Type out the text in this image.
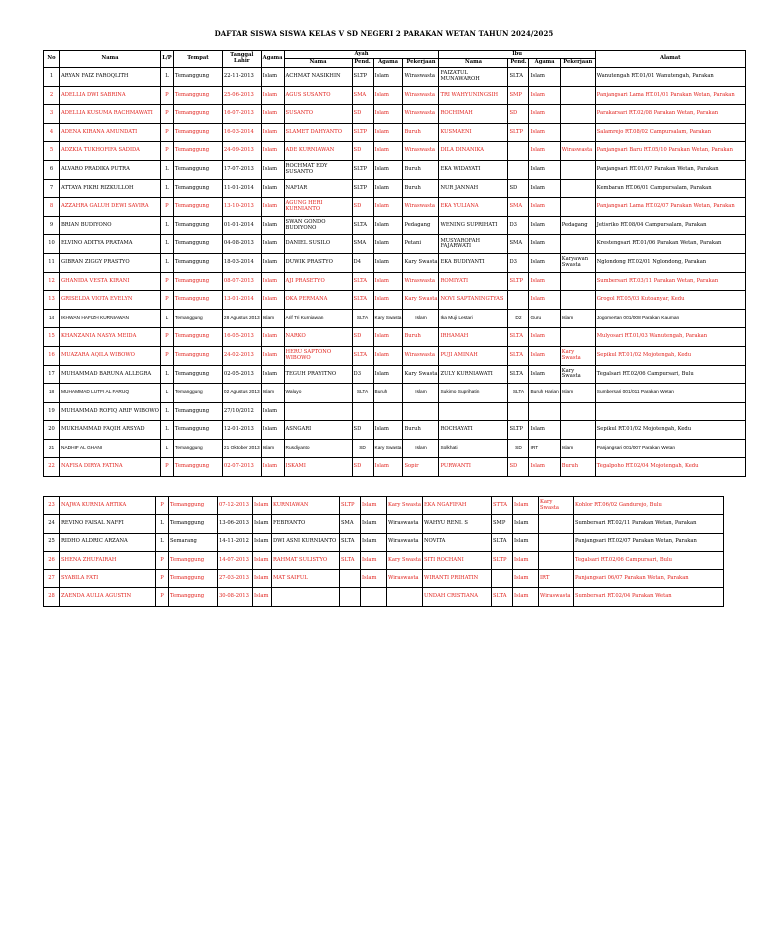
DAFTAR SISWA SISWA KELAS V SD NEGERI 2 PARAKAN WETAN TAHUN 2024/2025
No	Nama	L/P	Tempat	Tanggal Lahir	Agama	Ayah				Ibu				Alamat
						Nama	Pend.	Agama	Pekerjaan	Nama	Pend.	Agama	Pekerjaan	
1	ARYAN FAIZ FAROQLITH	L	Temanggung	22-11-2013	Islam	ACHMAT NASIKHIN	SLTP	Islam	Wiraswasta	FAIZATUL MUNAWAROH	SLTA	Islam		Wanutengah RT.01/01 Wanutengah, Parakan
2	ADELLIA DWI SABRINA	P	Temanggung	25-06-2013	Islam	AGUS SUSANTO	SMA	Islam	Wiraswasta	TRI WAHYUNINGSIH	SMP	Islam		Panjangsari Lama RT.01/01 Parakan Wetan, Parakan
3	ADELLIA KUSUMA RACHMAWATI	P	Temanggung	16-07-2013	Islam	SUSANTO	SD	Islam	Wiraswasta	ROCHIMAH	SD	Islam		Parakarsari RT.02/08 Parakan Wetan, Parakan
4	ADENA KIRANA AMUNDATI	P	Temanggung	16-03-2014	Islam	SLAMET DAHYANTO	SLTP	Islam	Buruh	KUSMAENI	SLTP	Islam		Salamrejo RT.08/02 Campursalam, Parakan
5	ADZKIA TUKHOFIFA SADIDA	P	Temanggung	24-09-2013	Islam	ADE KURNIAWAN	SD	Islam	Wiraswasta	DILA DINANIKA		Islam	Wiraswasta	Panjangsari Baru RT.05/10 Parakan Wetan, Parakan
6	ALVARO PRADIKA PUTRA	L	Temanggung	17-07-2013	Islam	ROCHMAT EDY SUSANTO	SLTP	Islam	Buruh	EKA WIDAYATI		Islam		Panjangsari RT.01/07 Parakan Wetan, Parakan
7	ATTAYA FIKRI RIZKULLOH	L	Temanggung	11-01-2014	Islam	NAFIAR	SLTP	Islam	Buruh	NUR JANNAH	SD	Islam		Kembaran RT.06/01 Campursalam, Parakan
8	AZZAHRA GALUH DEWI SAVIRA	P	Temanggung	13-10-2013	Islam	AGUNG HERI KURNIANTO	SD	Islam	Wiraswasta	EKA YULIANA	SMA	Islam		Panjangsari Lama RT.02/07 Parakan Wetan, Parakan
9	BRIAN BUDIYONO	L	Temanggung	01-01-2014	Islam	SWAN GONDO BUDIYONO	SLTA	Islam	Pedagang	WENING SUPRIHATI	D3	Islam	Pedagang	Jetisriko RT.08/04 Campursalam, Parakan
10	ELVINO ADITYA PRATAMA	L	Temanggung	04-08-2013	Islam	DANIEL SUSILO	SMA	Islam	Petani	MUSYAROFAH FAJARWATI	SMA	Islam		Krestengsari RT.01/06 Parakan Wetan, Parakan
11	GIBRAN ZIGGY PRASTYO	L	Temanggung	18-03-2014	Islam	DUWIK PRASTYO	D4	Islam	Kary Swasta	EKA BUDIYANTI	D3	Islam	Karyawan Swasta	Nglondong RT.02/01 Nglondong, Parakan
12	GHANIDA VESTA KIRANI	P	Temanggung	08-07-2013	Islam	AJI PRASETYO	SLTA	Islam	Wiraswasta	ROMIYATI	SLTP	Islam		Sumbersari RT.03/11 Parakan Wetan, Parakan
13	GRISELDA VIOTA EVELYN	P	Temanggung	13-01-2014	Islam	OKA PERMANA	SLTA	Islam	Kary Swasta	NOVI SAPTANINGTYAS		Islam		Grogol RT.05/03 Kutoanyar, Kedu
14	IKHWAN HAFIZH KURNIAWAN	L	Temanggung	28 Agustus 2013	Islam	Arif Tri Kurniawan	SLTA	Kary Swasta	Islam	Ika Muji Lestari	D2	Guru	Islam	Jogomertan 001/008 Parakan Kauman
15	KHANZANIA NASYA MEIDA	P	Temanggung	16-05-2013	Islam	NARKO	SD	Islam	Buruh	IRHAMAH	SLTA	Islam		Mulyosari RT.01/03 Wanutengah, Parakan
16	MUAZARA AQILA WIBOWO	P	Temanggung	24-02-2013	Islam	HERU SAPTONO WIBOWO	SLTA	Islam	Wiraswasta	PUJI AMINAH	SLTA	Islam	Kary Swasta	Sepikul RT.01/02 Mojotengah, Kedu
17	MUHAMMAD BARUNA ALLEGRA	L	Temanggung	02-05-2013	Islam	TEGUH PRAYITNO	D3	Islam	Kary Swasta	ZULY KURNIAWATI	SLTA	Islam	Kary Swasta	Tegalsari RT.02/06 Campursari, Bulu
18	MUHAMMAD LUTFI AL FARUQ	L	Temanggung	02 Agustus 2013	Islam	Waluyo	SLTA	Buruh	Islam	Sukimo Suprihatin	SLTA	Buruh Harian	Islam	Sumbersari 001/011 Parakan Wetan
19	MUHAMMAD ROFIQ ARIF WIBOWO	L	Temanggung	27/10/2012	Islam									
20	MUKHAMMAD FAQIH ARSYAD	L	Temanggung	12-01-2013	Islam	ASNGARI	SD	Islam	Buruh	ROCHAYATI	SLTP	Islam		Sepikul RT.01/02 Mojotengah, Kedu
21	NADHIF AL GHANI	L	Temanggung	21 Oktober 2013	Islam	Rusdiyanto	SD	Kary Swasta	Islam	Solkhati	SD	IRT	Islam	Panjangsari 001/007 Parakan Wetan
22	NAFISA DIRYA FATINA	P	Temanggung	02-07-2013	Islam	ISKAMI	SD	Islam	Sopir	PURWANTI	SD	Islam	Buruh	Tegalpoho RT.02/04 Mojotengah, Kedu
23	NAJWA KURNIA ARTIKA	P	Temanggung	07-12-2013	Islam	KURNIAWAN	SLTP	Islam	Kary Swasta	EKA NGAFIFAH	STTA	Islam	Kary Swasta	Kohlor RT.06/02 Gandurejo, Bulu
24	REVINO FAISAL NAFFI	L	Temanggung	13-06-2013	Islam	FEBIYANTO	SMA	Islam	Wiraswasta	WAHYU RENI. S	SMP	Islam		Sumbersari RT.02/11 Parakan Wetan, Parakan
25	RIDHO ALDRIC ARZANA	L	Semarang	14-11-2012	Islam	DWI ASNI KURNIANTO	SLTA	Islam	Wiraswasta	NOVITA	SLTA	Islam		Panjangsari RT.02/07 Parakan Wetan, Parakan
26	SHENA ZHUFAIRAH	P	Temanggung	14-07-2013	Islam	RAHMAT SULISTYO	SLTA	Islam	Kary Swasta	SITI ROCHANI	SLTP	Islam		Tegalsari RT.02/06 Campursari, Bulu
27	SYABILA FATI	P	Temanggung	27-03-2013	Islam	MAT SAIFUL		Islam	Wiraswasta	WIRANTI PRIHATIN		Islam	IRT	Panjangsari 06/07 Parakan Wetan, Parakan
28	ZAENDA AULIA AGUSTIN	P	Temanggung	30-08-2013	Islam					UNDAH CRISTIANA	SLTA	Islam	Wiraswasta	Sumbersari RT.02/04 Parakan Wetan
